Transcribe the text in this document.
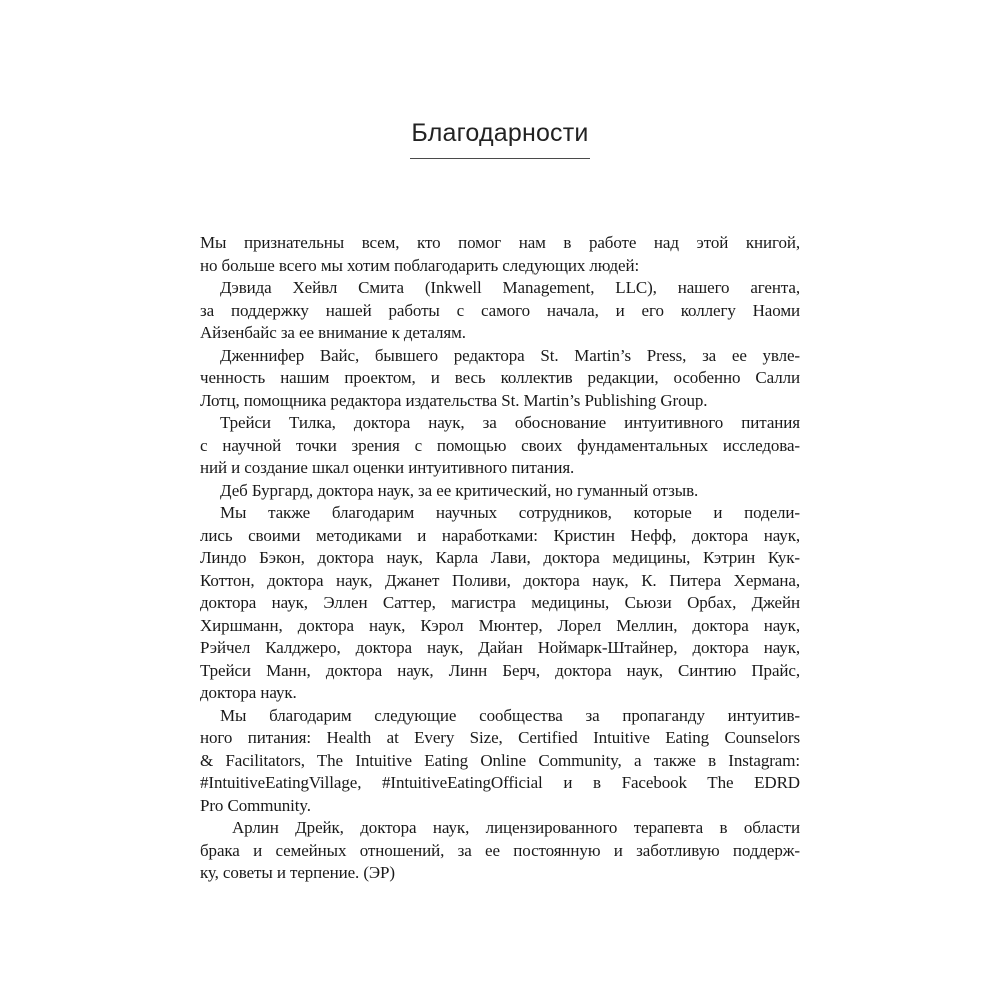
Благодарности
Мы признательны всем, кто помог нам в работе над этой книгой,
но больше всего мы хотим поблагодарить следующих людей:
Дэвида Хейвл Смита (Inkwell Management, LLC), нашего агента,
за поддержку нашей работы с самого начала, и его коллегу Наоми
Айзенбайс за ее внимание к деталям.
Дженнифер Вайс, бывшего редактора St. Martin’s Press, за ее увле-
ченность нашим проектом, и весь коллектив редакции, особенно Салли
Лотц, помощника редактора издательства St. Martin’s Publishing Group.
Трейси Тилка, доктора наук, за обоснование интуитивного питания
с научной точки зрения с помощью своих фундаментальных исследова-
ний и создание шкал оценки интуитивного питания.
Деб Бургард, доктора наук, за ее критический, но гуманный отзыв.
Мы также благодарим научных сотрудников, которые и подели-
лись своими методиками и наработками: Кристин Нефф, доктора наук,
Линдо Бэкон, доктора наук, Карла Лави, доктора медицины, Кэтрин Кук-
Коттон, доктора наук, Джанет Поливи, доктора наук, К. Питера Хермана,
доктора наук, Эллен Саттер, магистра медицины, Сьюзи Орбах, Джейн
Хиршманн, доктора наук, Кэрол Мюнтер, Лорел Меллин, доктора наук,
Рэйчел Калджеро, доктора наук, Дайан Ноймарк-Штайнер, доктора наук,
Трейси Манн, доктора наук, Линн Берч, доктора наук, Синтию Прайс,
доктора наук.
Мы благодарим следующие сообщества за пропаганду интуитив-
ного питания: Health at Every Size, Certified Intuitive Eating Counselors
& Facilitators, The Intuitive Eating Online Community, а также в Instagram:
#IntuitiveEatingVillage, #IntuitiveEatingOfficial и в Facebook The EDRD
Pro Community.
Арлин Дрейк, доктора наук, лицензированного терапевта в области
брака и семейных отношений, за ее постоянную и заботливую поддерж-
ку, советы и терпение. (ЭР)
